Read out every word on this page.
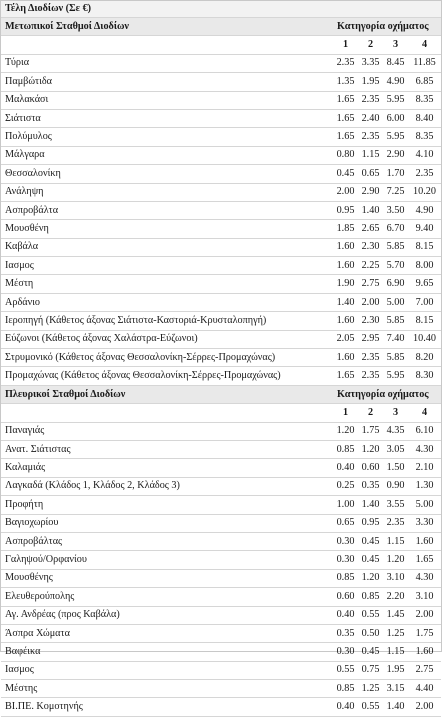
Τέλη Διοδίων (Σε €)				
Μετωπικοί Σταθμοί Διοδίων	Κατηγορία οχήματος			
	1	2	3	4
Τύρια	2.35	3.35	8.45	11.85
Παμβώτιδα	1.35	1.95	4.90	6.85
Μαλακάσι	1.65	2.35	5.95	8.35
Σιάτιστα	1.65	2.40	6.00	8.40
Πολύμυλος	1.65	2.35	5.95	8.35
Μάλγαρα	0.80	1.15	2.90	4.10
Θεσσαλονίκη	0.45	0.65	1.70	2.35
Ανάληψη	2.00	2.90	7.25	10.20
Ασπροβάλτα	0.95	1.40	3.50	4.90
Μουσθένη	1.85	2.65	6.70	9.40
Καβάλα	1.60	2.30	5.85	8.15
Ιασμος	1.60	2.25	5.70	8.00
Μέστη	1.90	2.75	6.90	9.65
Αρδάνιο	1.40	2.00	5.00	7.00
Ιεροπηγή (Κάθετος άξονας Σιάτιστα-Καστοριά-Κρυσταλοπηγή)	1.60	2.30	5.85	8.15
Εύζωνοι (Κάθετος άξονας Χαλάστρα-Εύζωνοι)	2.05	2.95	7.40	10.40
Στρυμονικό (Κάθετος άξονας Θεσσαλονίκη-Σέρρες-Προμαχώνας)	1.60	2.35	5.85	8.20
Προμαχώνας (Κάθετος άξονας Θεσσαλονίκη-Σέρρες-Προμαχώνας)	1.65	2.35	5.95	8.30
Πλευρικοί Σταθμοί Διοδίων	Κατηγορία οχήματος			
	1	2	3	4
Παναγιάς	1.20	1.75	4.35	6.10
Ανατ. Σιάτιστας	0.85	1.20	3.05	4.30
Καλαμιάς	0.40	0.60	1.50	2.10
Λαγκαδά (Κλάδος 1, Κλάδος 2, Κλάδος 3)	0.25	0.35	0.90	1.30
Προφήτη	1.00	1.40	3.55	5.00
Βαγιοχωρίου	0.65	0.95	2.35	3.30
Ασπροβάλτας	0.30	0.45	1.15	1.60
Γαληψού/Ορφανίου	0.30	0.45	1.20	1.65
Μουσθένης	0.85	1.20	3.10	4.30
Ελευθερούπολης	0.60	0.85	2.20	3.10
Αγ. Ανδρέας (προς Καβάλα)	0.40	0.55	1.45	2.00
Άσπρα Χώματα	0.35	0.50	1.25	1.75
Βαφέικα	0.30	0.45	1.15	1.60
Ιασμος	0.55	0.75	1.95	2.75
Μέστης	0.85	1.25	3.15	4.40
ΒΙ.ΠΕ. Κομοτηνής	0.40	0.55	1.40	2.00
